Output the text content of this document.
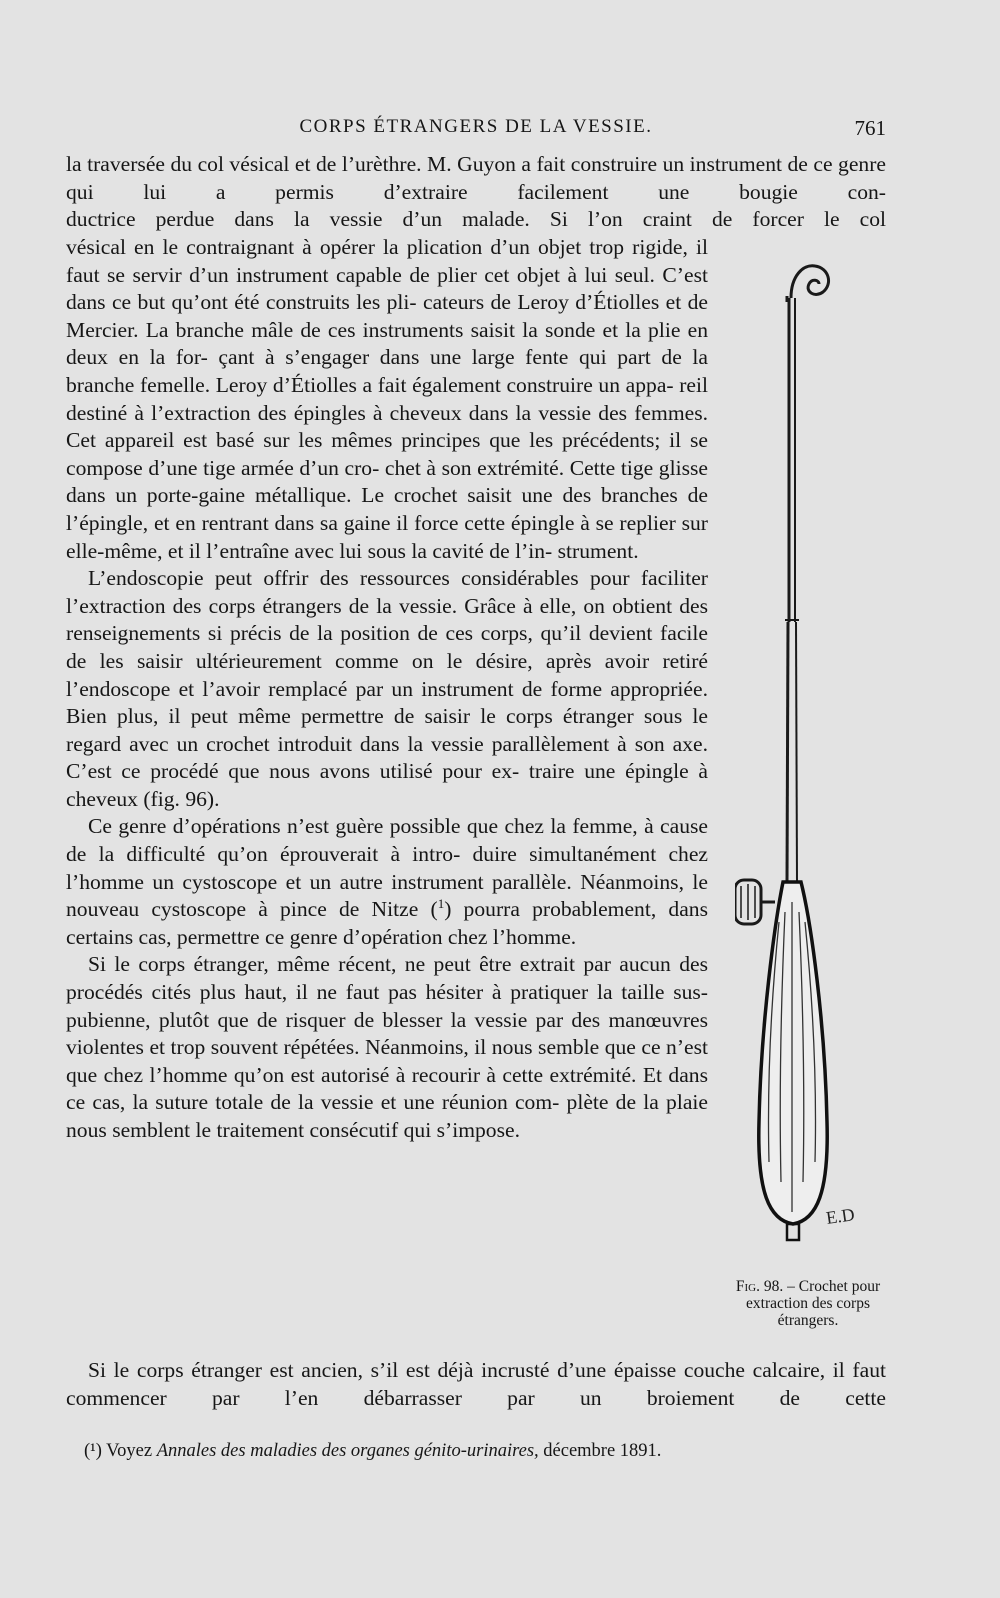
CORPS ÉTRANGERS DE LA VESSIE.	761

la traversée du col vésical et de l’urèthre. M. Guyon a fait construire un instrument de ce genre qui lui a permis d’extraire facilement une bougie con-

ductrice perdue dans la vessie d’un malade. Si l’on craint de forcer le col

vésical en le contraignant à opérer la plication d’un objet trop rigide, il faut se servir d’un instrument capable de plier cet objet à lui seul. C’est dans ce but qu’ont été construits les pli- cateurs de Leroy d’Étiolles et de Mercier. La branche mâle de ces instruments saisit la sonde et la plie en deux en la for- çant à s’engager dans une large fente qui part de la branche femelle. Leroy d’Étiolles a fait également construire un appa- reil destiné à l’extraction des épingles à cheveux dans la vessie des femmes. Cet appareil est basé sur les mêmes principes que les précédents; il se compose d’une tige armée d’un cro- chet à son extrémité. Cette tige glisse dans un porte-gaine métallique. Le crochet saisit une des branches de l’épingle, et en rentrant dans sa gaine il force cette épingle à se replier sur elle-même, et il l’entraîne avec lui sous la cavité de l’in- strument.

L’endoscopie peut offrir des ressources considérables pour faciliter l’extraction des corps étrangers de la vessie. Grâce à elle, on obtient des renseignements si précis de la position de ces corps, qu’il devient facile de les saisir ultérieurement comme on le désire, après avoir retiré l’endoscope et l’avoir remplacé par un instrument de forme appropriée. Bien plus, il peut même permettre de saisir le corps étranger sous le regard avec un crochet introduit dans la vessie parallèlement à son axe. C’est ce procédé que nous avons utilisé pour ex- traire une épingle à cheveux (fig. 96).

Ce genre d’opérations n’est guère possible que chez la femme, à cause de la difficulté qu’on éprouverait à intro- duire simultanément chez l’homme un cystoscope et un autre instrument parallèle. Néanmoins, le nouveau cystoscope à pince de Nitze ($^1$) pourra probablement, dans certains cas, permettre ce genre d’opération chez l’homme.

Si le corps étranger, même récent, ne peut être extrait par aucun des procédés cités plus haut, il ne faut pas hésiter à pratiquer la taille sus-pubienne, plutôt que de risquer de blesser la vessie par des manœuvres violentes et trop souvent répétées. Néanmoins, il nous semble que ce n’est que chez l’homme qu’on est autorisé à recourir à cette extrémité. Et dans ce cas, la suture totale de la vessie et une réunion com- plète de la plaie nous semblent le traitement consécutif qui s’impose.

Si le corps étranger est ancien, s’il est déjà incrusté d’une épaisse couche calcaire, il faut commencer par l’en débarrasser par un broiement de cette

E.D
Fig. 98. – Crochet pour extraction des corps étrangers.
(¹) Voyez Annales des maladies des organes génito-urinaires, décembre 1891.
